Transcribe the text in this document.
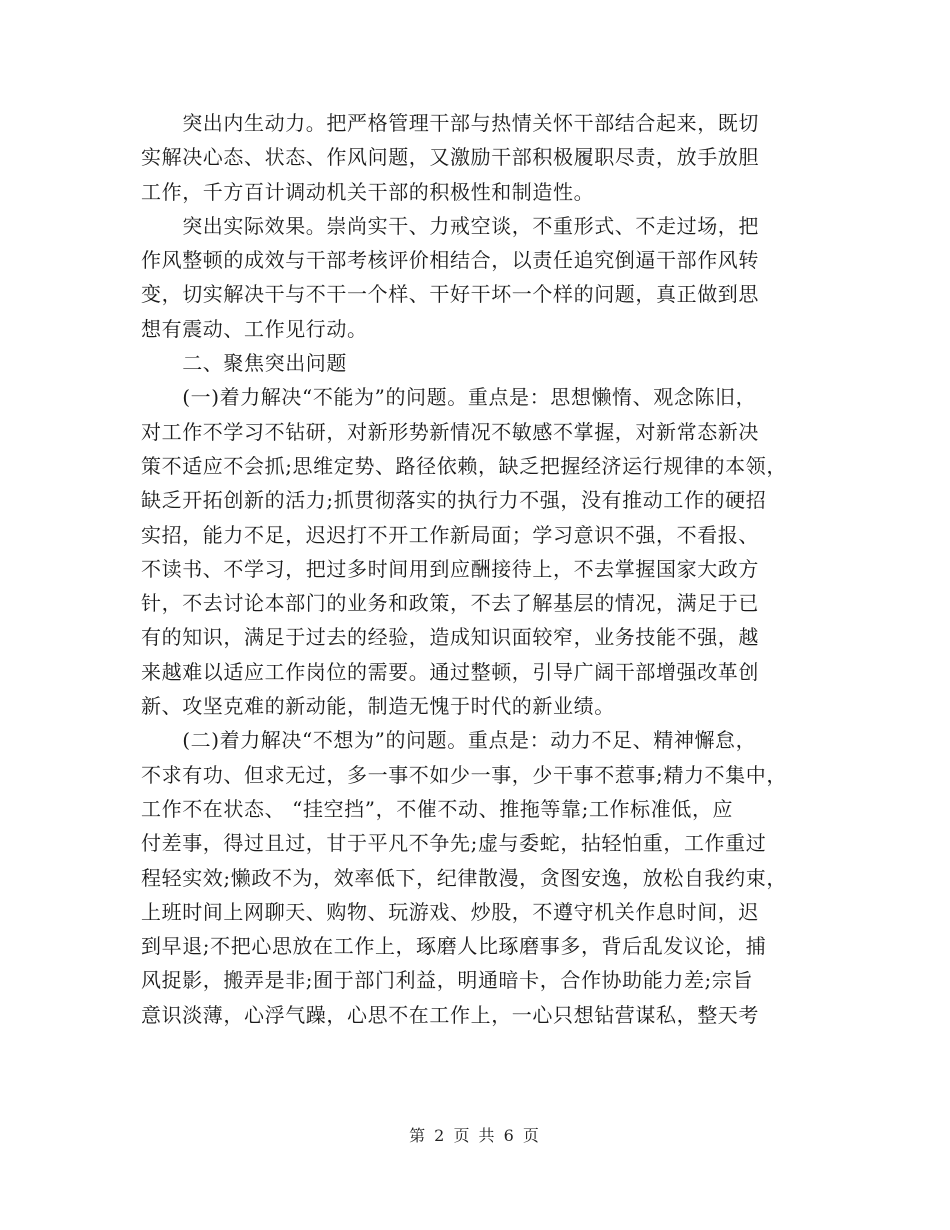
　　突出内生动力。把严格管理干部与热情关怀干部结合起来，既切
实解决心态、状态、作风问题，又激励干部积极履职尽责，放手放胆
工作，千方百计调动机关干部的积极性和制造性。
　　突出实际效果。崇尚实干、力戒空谈，不重形式、不走过场，把
作风整顿的成效与干部考核评价相结合，以责任追究倒逼干部作风转
变，切实解决干与不干一个样、干好干坏一个样的问题，真正做到思
想有震动、工作见行动。
　　二、聚焦突出问题
　　(一)着力解决“不能为”的问题。重点是：思想懒惰、观念陈旧，
对工作不学习不钻研，对新形势新情况不敏感不掌握，对新常态新决
策不适应不会抓;思维定势、路径依赖，缺乏把握经济运行规律的本领，
缺乏开拓创新的活力;抓贯彻落实的执行力不强，没有推动工作的硬招
实招，能力不足，迟迟打不开工作新局面；学习意识不强，不看报、
不读书、不学习，把过多时间用到应酬接待上，不去掌握国家大政方
针，不去讨论本部门的业务和政策，不去了解基层的情况，满足于已
有的知识，满足于过去的经验，造成知识面较窄，业务技能不强，越
来越难以适应工作岗位的需要。通过整顿，引导广阔干部增强改革创
新、攻坚克难的新动能，制造无愧于时代的新业绩。
　　(二)着力解决“不想为”的问题。重点是：动力不足、精神懈怠，
不求有功、但求无过，多一事不如少一事，少干事不惹事;精力不集中，
工作不在状态、 “挂空挡”，不催不动、推拖等靠;工作标准低，应
付差事，得过且过，甘于平凡不争先;虚与委蛇，拈轻怕重，工作重过
程轻实效;懒政不为，效率低下，纪律散漫，贪图安逸，放松自我约束，
上班时间上网聊天、购物、玩游戏、炒股，不遵守机关作息时间，迟
到早退;不把心思放在工作上，琢磨人比琢磨事多，背后乱发议论，捕
风捉影，搬弄是非;囿于部门利益，明通暗卡，合作协助能力差;宗旨
意识淡薄，心浮气躁，心思不在工作上，一心只想钻营谋私，整天考
第 2 页 共 6 页
